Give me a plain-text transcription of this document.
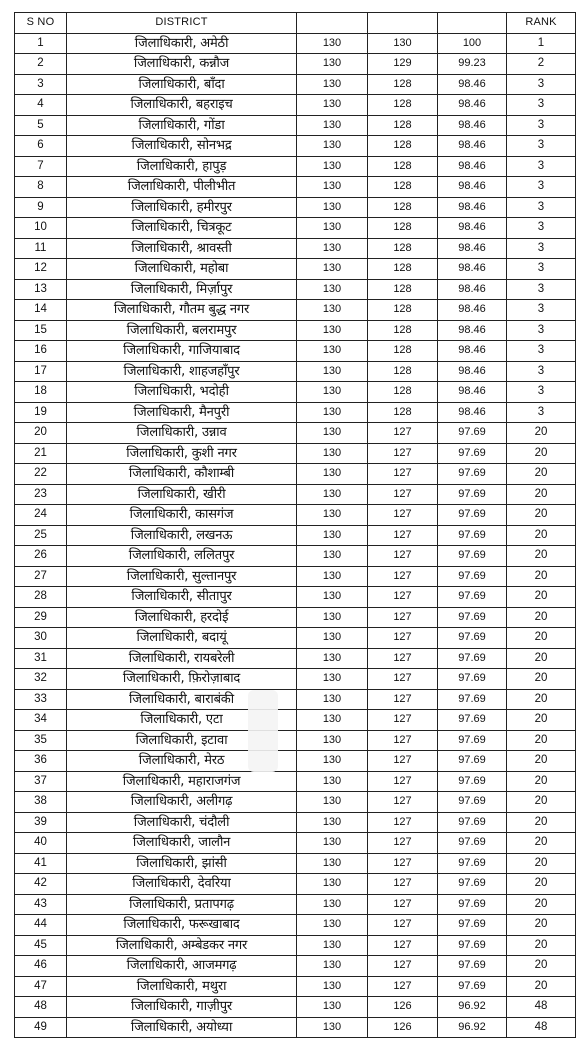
S NO	DISTRICT				RANK
1	जिलाधिकारी, अमेठी	130	130	100	1
2	जिलाधिकारी, कन्नौज	130	129	99.23	2
3	जिलाधिकारी, बाँदा	130	128	98.46	3
4	जिलाधिकारी, बहराइच	130	128	98.46	3
5	जिलाधिकारी, गोंडा	130	128	98.46	3
6	जिलाधिकारी, सोनभद्र	130	128	98.46	3
7	जिलाधिकारी, हापुड़	130	128	98.46	3
8	जिलाधिकारी, पीलीभीत	130	128	98.46	3
9	जिलाधिकारी, हमीरपुर	130	128	98.46	3
10	जिलाधिकारी, चित्रकूट	130	128	98.46	3
11	जिलाधिकारी, श्रावस्ती	130	128	98.46	3
12	जिलाधिकारी, महोबा	130	128	98.46	3
13	जिलाधिकारी, मिर्ज़ापुर	130	128	98.46	3
14	जिलाधिकारी, गौतम बुद्ध नगर	130	128	98.46	3
15	जिलाधिकारी, बलरामपुर	130	128	98.46	3
16	जिलाधिकारी, गाजियाबाद	130	128	98.46	3
17	जिलाधिकारी, शाहजहाँपुर	130	128	98.46	3
18	जिलाधिकारी, भदोही	130	128	98.46	3
19	जिलाधिकारी, मैनपुरी	130	128	98.46	3
20	जिलाधिकारी, उन्नाव	130	127	97.69	20
21	जिलाधिकारी, कुशी नगर	130	127	97.69	20
22	जिलाधिकारी, कौशाम्बी	130	127	97.69	20
23	जिलाधिकारी, खीरी	130	127	97.69	20
24	जिलाधिकारी, कासगंज	130	127	97.69	20
25	जिलाधिकारी, लखनऊ	130	127	97.69	20
26	जिलाधिकारी, ललितपुर	130	127	97.69	20
27	जिलाधिकारी, सुल्तानपुर	130	127	97.69	20
28	जिलाधिकारी, सीतापुर	130	127	97.69	20
29	जिलाधिकारी, हरदोई	130	127	97.69	20
30	जिलाधिकारी, बदायूं	130	127	97.69	20
31	जिलाधिकारी, रायबरेली	130	127	97.69	20
32	जिलाधिकारी, फ़िरोज़ाबाद	130	127	97.69	20
33	जिलाधिकारी, बाराबंकी	130	127	97.69	20
34	जिलाधिकारी, एटा	130	127	97.69	20
35	जिलाधिकारी, इटावा	130	127	97.69	20
36	जिलाधिकारी, मेरठ	130	127	97.69	20
37	जिलाधिकारी, महाराजगंज	130	127	97.69	20
38	जिलाधिकारी, अलीगढ़	130	127	97.69	20
39	जिलाधिकारी, चंदौली	130	127	97.69	20
40	जिलाधिकारी, जालौन	130	127	97.69	20
41	जिलाधिकारी, झांसी	130	127	97.69	20
42	जिलाधिकारी, देवरिया	130	127	97.69	20
43	जिलाधिकारी, प्रतापगढ़	130	127	97.69	20
44	जिलाधिकारी, फरूखाबाद	130	127	97.69	20
45	जिलाधिकारी, अम्बेडकर नगर	130	127	97.69	20
46	जिलाधिकारी, आजमगढ़	130	127	97.69	20
47	जिलाधिकारी, मथुरा	130	127	97.69	20
48	जिलाधिकारी, गाज़ीपुर	130	126	96.92	48
49	जिलाधिकारी, अयोध्या	130	126	96.92	48
